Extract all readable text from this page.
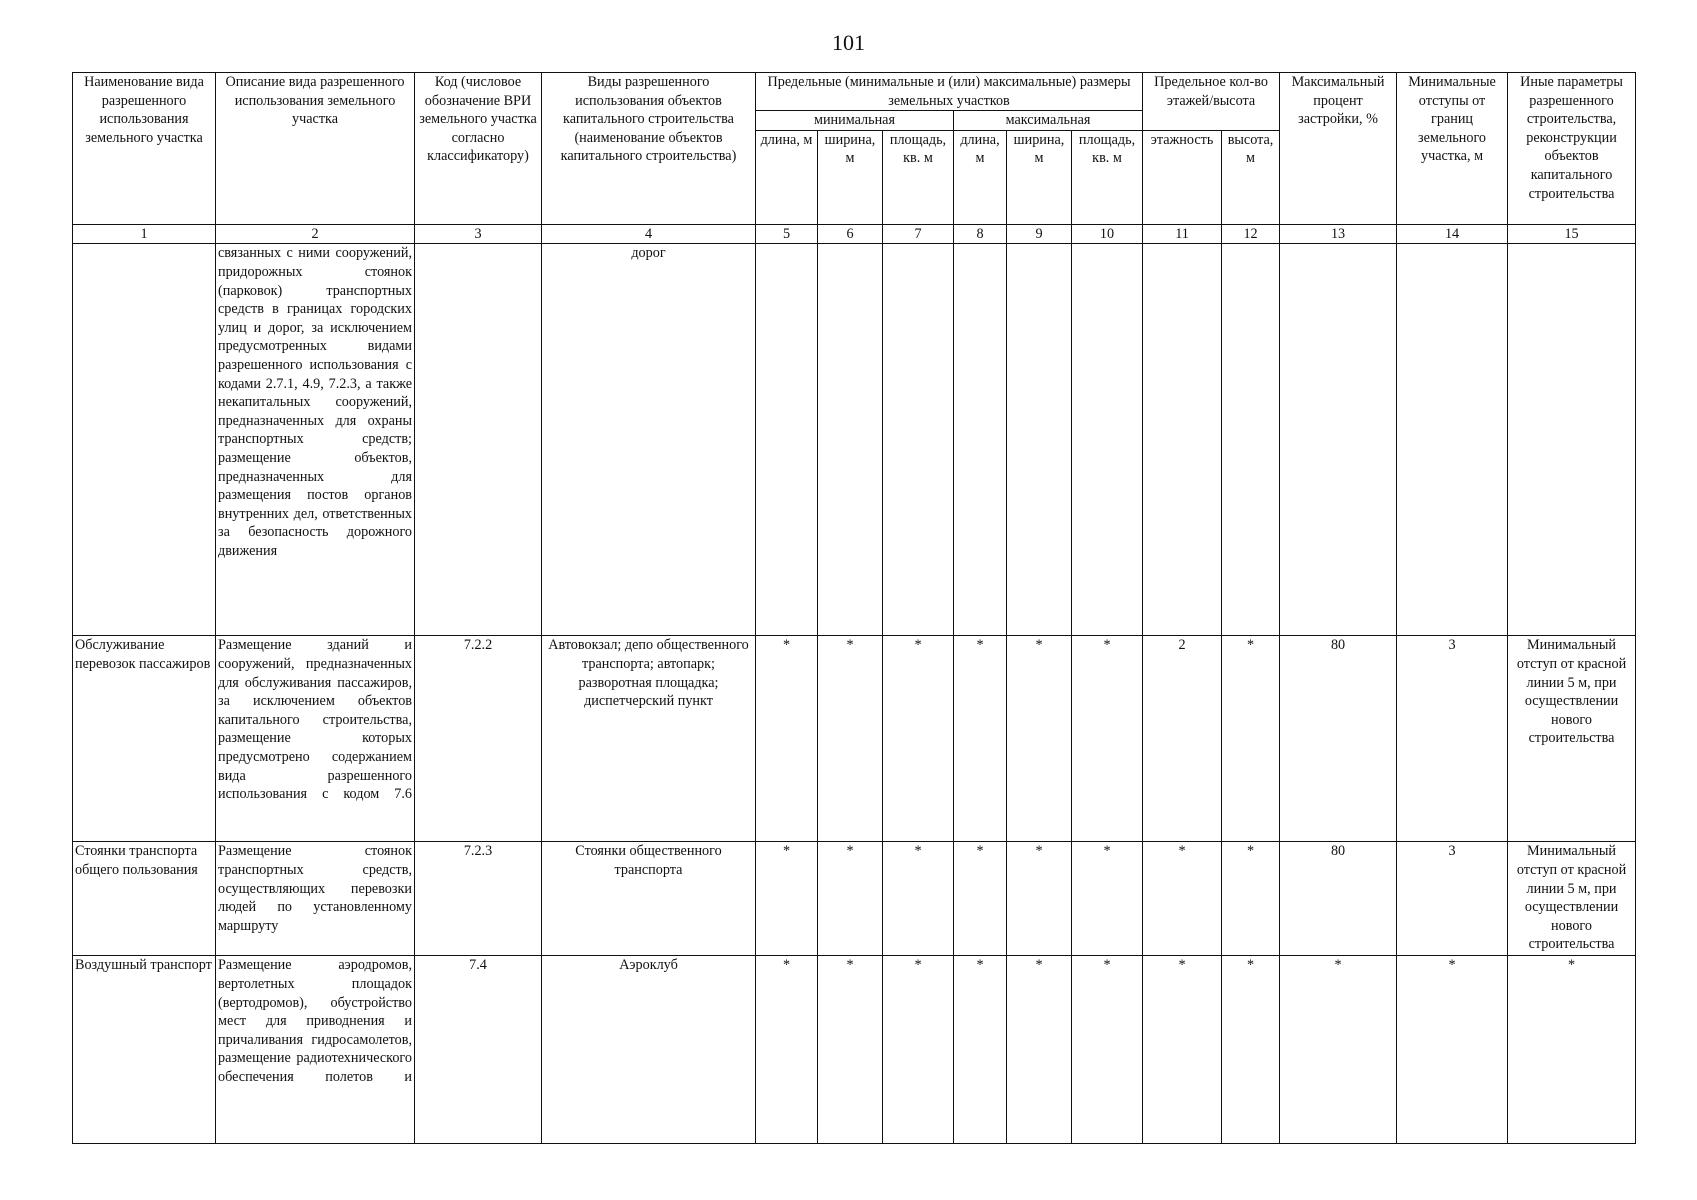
101
Наименование вида разрешенного использования земельного участка	Описание вида разрешенного использования земельного участка	Код (числовое обозначение ВРИ земельного участка согласно классификатору)	Виды разрешенного использования объектов капитального строительства (наименование объектов капитального строительства)	Предельные (минимальные и (или) максимальные) размеры земельных участков						Предельное кол-во этажей/высота		Максимальный процент застройки, %	Минимальные отступы от границ земельного участка, м	Иные параметры разрешенного строительства, реконструкции объектов капитального строительства
				минимальная			максимальная							
				длина, м	ширина, м	площадь, кв. м	длина, м	ширина, м	площадь, кв. м	этажность	высота, м			
1	2	3	4	5	6	7	8	9	10	11	12	13	14	15
	связанных с ними сооружений, придорожных стоянок (парковок) транспортных средств в границах городских улиц и дорог, за исключением предусмотренных видами разрешенного использования с кодами 2.7.1, 4.9, 7.2.3, а также некапитальных сооружений, предназначенных для охраны транспортных средств; размещение объектов, предназначенных для размещения постов органов внутренних дел, ответственных за безопасность дорожного движения		дорог											
Обслуживание перевозок пассажиров	Размещение зданий и сооружений, предназначенных для обслуживания пассажиров, за исключением объектов капитального строительства, размещение которых предусмотрено содержанием вида разрешенного использования с кодом 7.6	7.2.2	Автовокзал; депо общественного транспорта; автопарк; разворотная площадка; диспетчерский пункт	*	*	*	*	*	*	2	*	80	3	Минимальный отступ от красной линии 5 м, при осуществлении нового строительства
Стоянки транспорта общего пользования	Размещение стоянок транспортных средств, осуществляющих перевозки людей по установленному маршруту	7.2.3	Стоянки общественного транспорта	*	*	*	*	*	*	*	*	80	3	Минимальный отступ от красной линии 5 м, при осуществлении нового строительства
Воздушный транспорт	Размещение аэродромов, вертолетных площадок (вертодромов), обустройство мест для приводнения и причаливания гидросамолетов, размещение радиотехнического обеспечения полетов и	7.4	Аэроклуб	*	*	*	*	*	*	*	*	*	*	*
